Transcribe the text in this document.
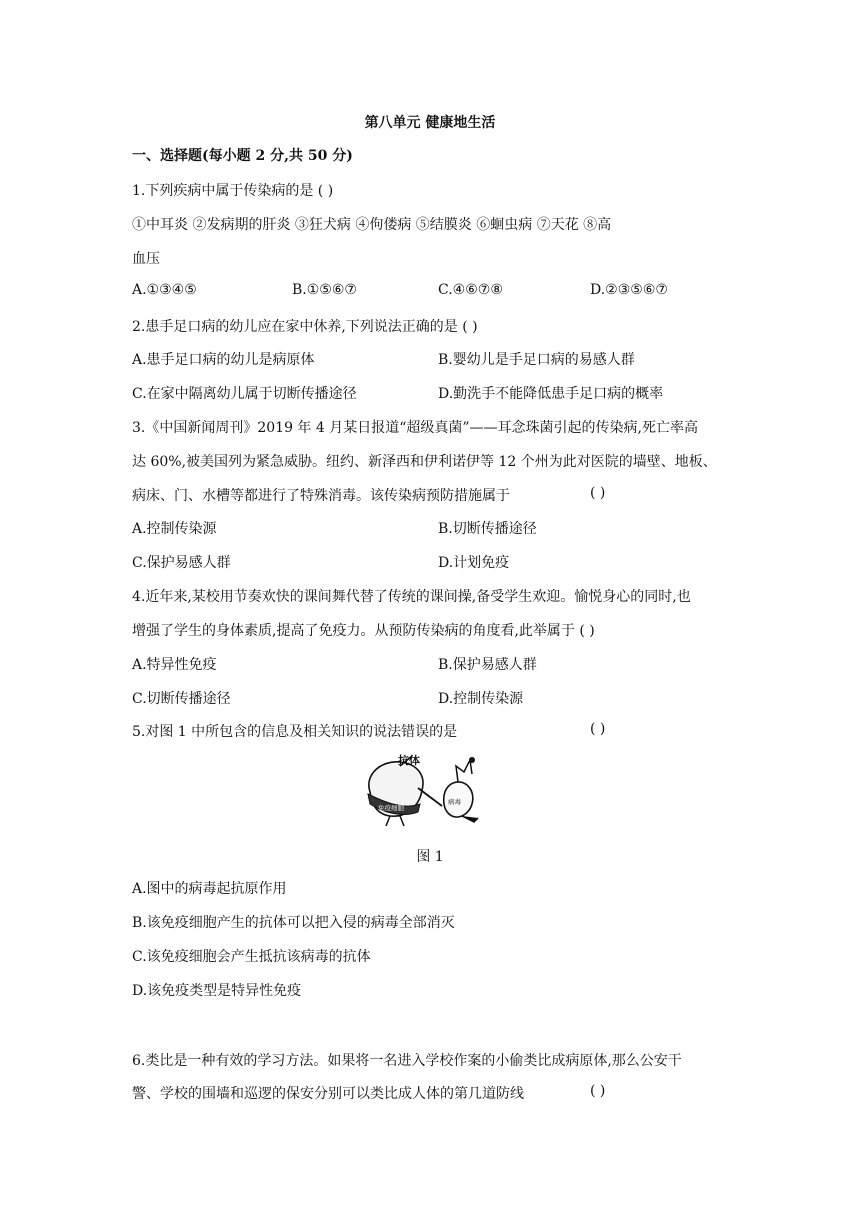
第八单元 健康地生活
一、选择题(每小题 2 分,共 50 分)
1.下列疾病中属于传染病的是 ( )
①中耳炎 ②发病期的肝炎 ③狂犬病 ④佝偻病 ⑤结膜炎 ⑥蛔虫病 ⑦天花 ⑧高
血压
A.①③④⑤	B.①⑤⑥⑦	C.④⑥⑦⑧	D.②③⑤⑥⑦
2.患手足口病的幼儿应在家中休养,下列说法正确的是 ( )
A.患手足口病的幼儿是病原体	B.婴幼儿是手足口病的易感人群
C.在家中隔离幼儿属于切断传播途径	D.勤洗手不能降低患手足口病的概率
3.《中国新闻周刊》2019 年 4 月某日报道“超级真菌”——耳念珠菌引起的传染病,死亡率高
达 60%,被美国列为紧急威胁。纽约、新泽西和伊利诺伊等 12 个州为此对医院的墙壁、地板、
病床、门、水槽等都进行了特殊消毒。该传染病预防措施属于	( )
A.控制传染源	B.切断传播途径
C.保护易感人群	D.计划免疫
4.近年来,某校用节奏欢快的课间舞代替了传统的课间操,备受学生欢迎。愉悦身心的同时,也
增强了学生的身体素质,提高了免疫力。从预防传染病的角度看,此举属于 ( )
A.特异性免疫	B.保护易感人群
C.切断传播途径	D.控制传染源
5.对图 1 中所包含的信息及相关知识的说法错误的是	( )
免疫细胞
抗体
病毒
图 1
A.图中的病毒起抗原作用
B.该免疫细胞产生的抗体可以把入侵的病毒全部消灭
C.该免疫细胞会产生抵抗该病毒的抗体
D.该免疫类型是特异性免疫
6.类比是一种有效的学习方法。如果将一名进入学校作案的小偷类比成病原体,那么公安干
警、学校的围墙和巡逻的保安分别可以类比成人体的第几道防线	( )
